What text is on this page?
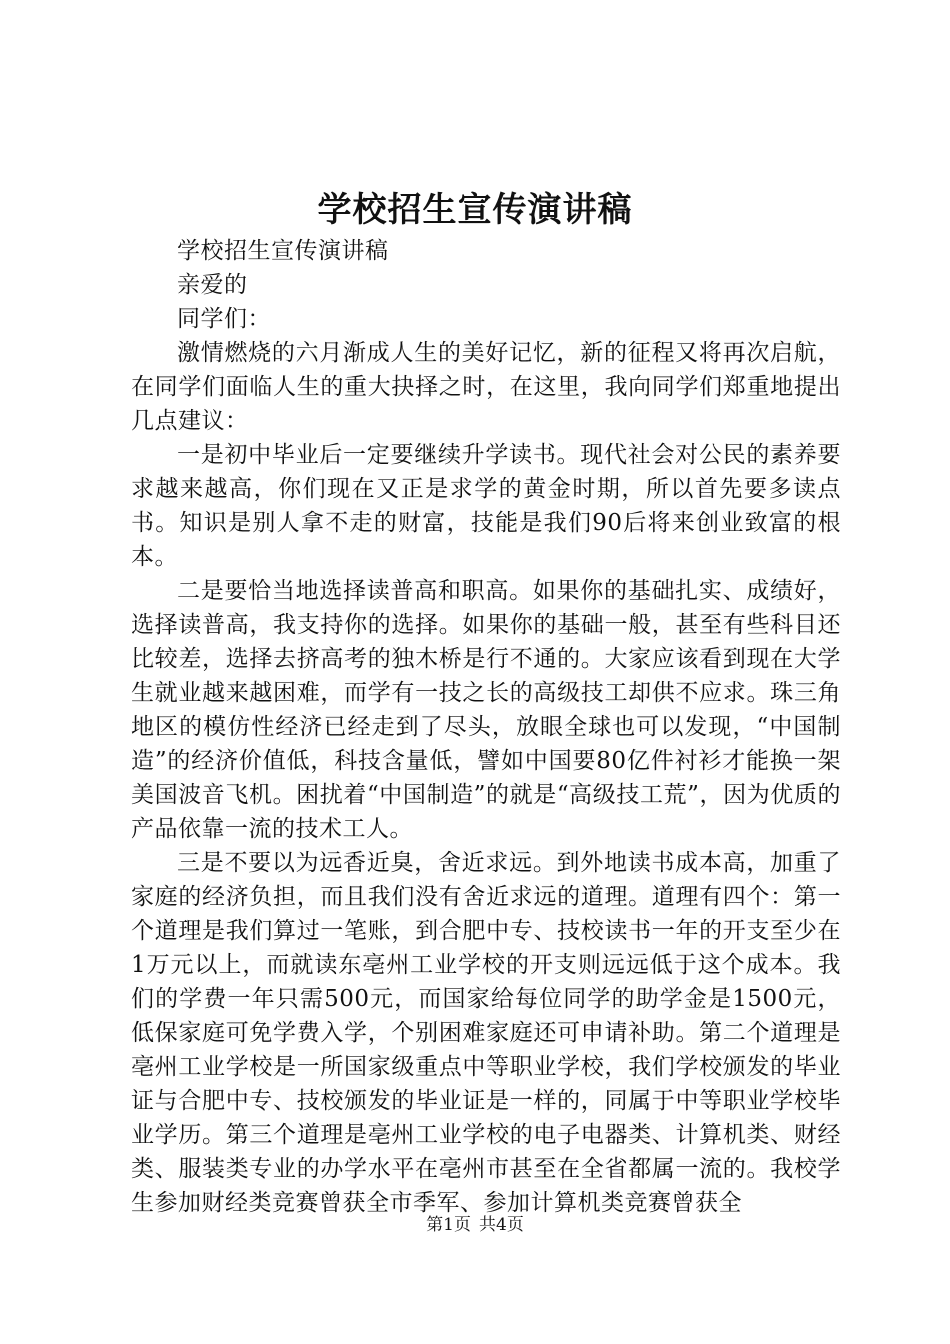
学校招生宣传演讲稿

学校招生宣传演讲稿

亲爱的

同学们：

激情燃烧的六月渐成人生的美好记忆，新的征程又将再次启航，在同学们面临人生的重大抉择之时，在这里，我向同学们郑重地提出几点建议：

一是初中毕业后一定要继续升学读书。现代社会对公民的素养要求越来越高，你们现在又正是求学的黄金时期，所以首先要多读点书。知识是别人拿不走的财富，技能是我们90后将来创业致富的根本。

二是要恰当地选择读普高和职高。如果你的基础扎实、成绩好，选择读普高，我支持你的选择。如果你的基础一般，甚至有些科目还比较差，选择去挤高考的独木桥是行不通的。大家应该看到现在大学生就业越来越困难，而学有一技之长的高级技工却供不应求。珠三角地区的模仿性经济已经走到了尽头，放眼全球也可以发现，“中国制造”的经济价值低，科技含量低，譬如中国要80亿件衬衫才能换一架美国波音飞机。困扰着“中国制造”的就是“高级技工荒”，因为优质的产品依靠一流的技术工人。

三是不要以为远香近臭，舍近求远。到外地读书成本高，加重了家庭的经济负担，而且我们没有舍近求远的道理。道理有四个：第一个道理是我们算过一笔账，到合肥中专、技校读书一年的开支至少在1万元以上，而就读东亳州工业学校的开支则远远低于这个成本。我们的学费一年只需500元，而国家给每位同学的助学金是1500元，低保家庭可免学费入学，个别困难家庭还可申请补助。第二个道理是亳州工业学校是一所国家级重点中等职业学校，我们学校颁发的毕业证与合肥中专、技校颁发的毕业证是一样的，同属于中等职业学校毕业学历。第三个道理是亳州工业学校的电子电器类、计算机类、财经类、服装类专业的办学水平在亳州市甚至在全省都属一流的。我校学生参加财经类竞赛曾获全市季军、参加计算机类竞赛曾获全

第1页 共4页
